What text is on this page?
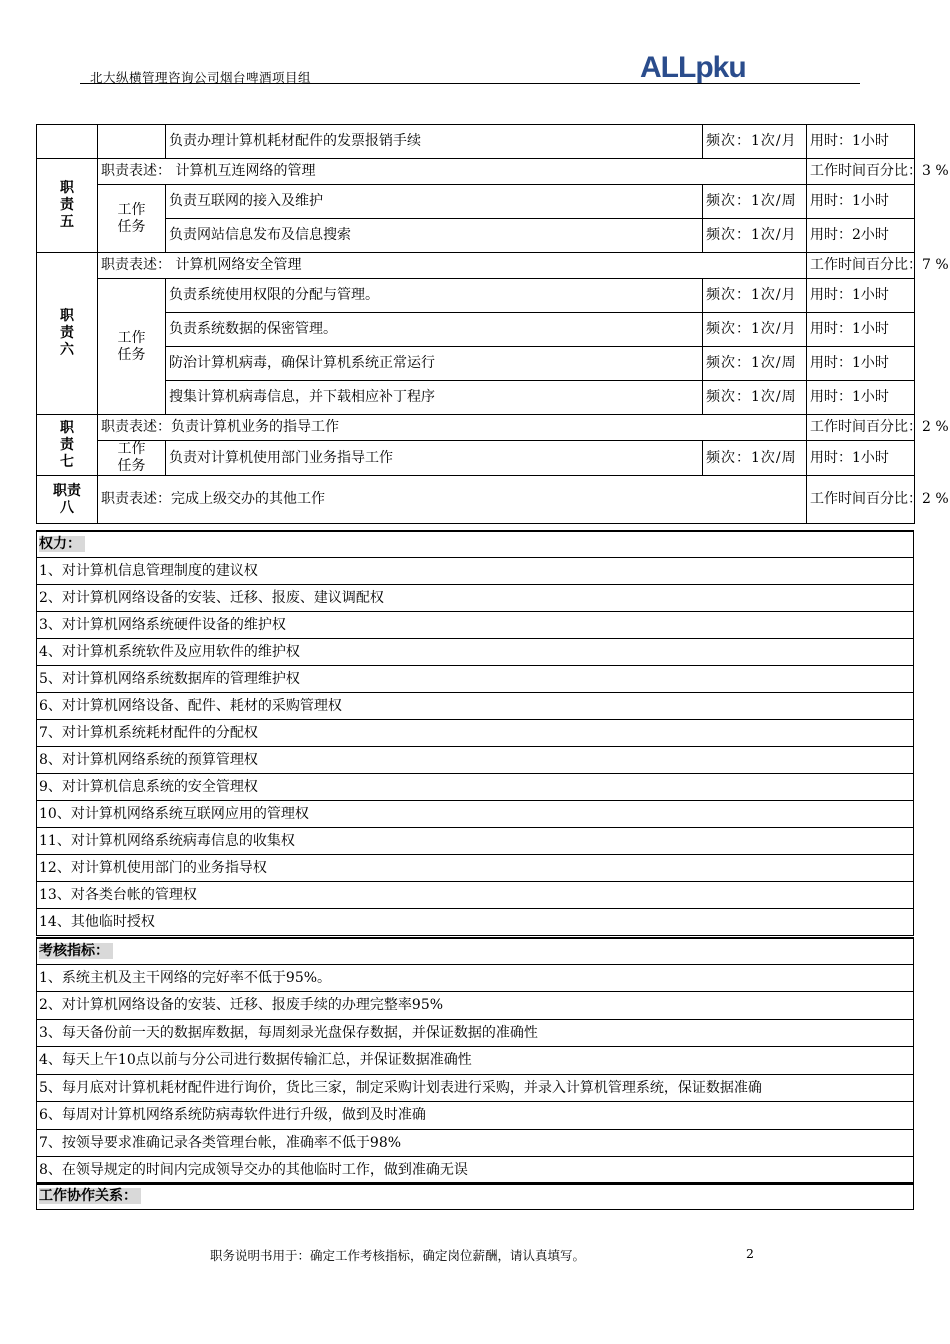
北大纵横管理咨询公司烟台啤酒项目组	ALLpku
		负责办理计算机耗材配件的发票报销手续	频次：1次/月	用时：1小时

职责五	职责表述： 计算机互连网络的管理			工作时间百分比：3 %

	工作任务	负责互联网的接入及维护	频次：1次/周	用时：1小时
		负责网站信息发布及信息搜索	频次：1次/月	用时：2小时

职责六	职责表述： 计算机网络安全管理			工作时间百分比：7 %

	工作任务	负责系统使用权限的分配与管理。	频次：1次/月	用时：1小时
		负责系统数据的保密管理。	频次：1次/月	用时：1小时
		防治计算机病毒，确保计算机系统正常运行	频次：1次/周	用时：1小时
		搜集计算机病毒信息，并下载相应补丁程序	频次：1次/周	用时：1小时

职责七	职责表述：负责计算机业务的指导工作			工作时间百分比：2 %

	工作任务	负责对计算机使用部门业务指导工作	频次：1次/周	用时：1小时

职责八	职责表述：完成上级交办的其他工作			工作时间百分比：2 %
权力：
1、对计算机信息管理制度的建议权
2、对计算机网络设备的安装、迁移、报废、建议调配权
3、对计算机网络系统硬件设备的维护权
4、对计算机系统软件及应用软件的维护权
5、对计算机网络系统数据库的管理维护权
6、对计算机网络设备、配件、耗材的采购管理权
7、对计算机系统耗材配件的分配权
8、对计算机网络系统的预算管理权
9、对计算机信息系统的安全管理权
10、对计算机网络系统互联网应用的管理权
11、对计算机网络系统病毒信息的收集权
12、对计算机使用部门的业务指导权
13、对各类台帐的管理权
14、其他临时授权
考核指标：
1、系统主机及主干网络的完好率不低于95%。
2、对计算机网络设备的安装、迁移、报废手续的办理完整率95%
3、每天备份前一天的数据库数据，每周刻录光盘保存数据，并保证数据的准确性
4、每天上午10点以前与分公司进行数据传输汇总，并保证数据准确性
5、每月底对计算机耗材配件进行询价，货比三家，制定采购计划表进行采购，并录入计算机管理系统，保证数据准确
6、每周对计算机网络系统防病毒软件进行升级，做到及时准确
7、按领导要求准确记录各类管理台帐，准确率不低于98%
8、在领导规定的时间内完成领导交办的其他临时工作，做到准确无误
工作协作关系：
职务说明书用于：确定工作考核指标，确定岗位薪酬，请认真填写。	2
